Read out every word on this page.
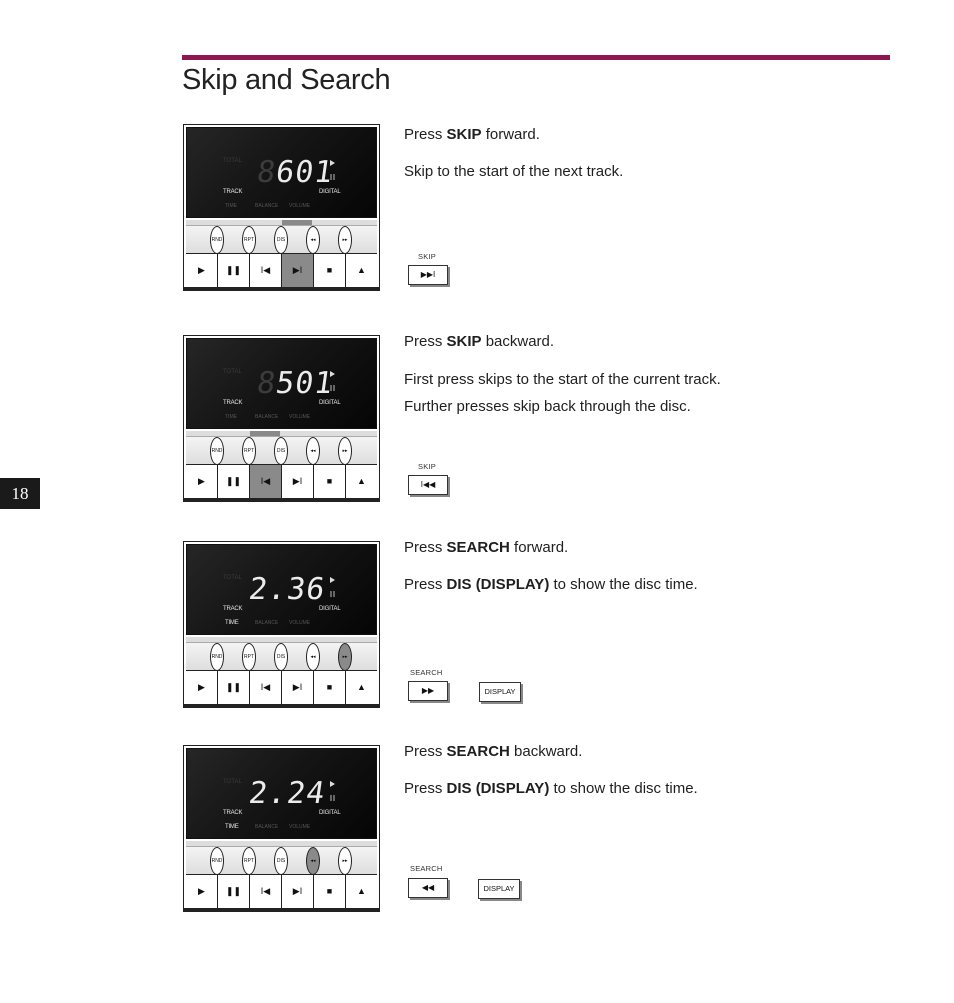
Skip and Search
18
TOTAL
TRACK	DIGITAL
TIME	BALANCE VOLUME
8601
RND	RPT	DIS	◂◂	▸▸
▶	❚❚	I◀	▶I	■	▲

Press SKIP forward.

Skip to the start of the next track.

SKIP
▶▶I
TOTAL
TRACK	DIGITAL
TIME	BALANCE VOLUME
8501
RND	RPT	DIS	◂◂	▸▸
▶	❚❚	I◀	▶I	■	▲

Press SKIP backward.

First press skips to the start of the current track.

Further presses skip back through the disc.

SKIP
I◀◀
TOTAL
TRACK	DIGITAL
TIME	BALANCE VOLUME
2.36
RND	RPT	DIS	◂◂	▸▸
▶	❚❚	I◀	▶I	■	▲

Press SEARCH forward.

Press DIS (DISPLAY) to show the disc time.

SEARCH
▶▶	DISPLAY
TOTAL
TRACK	DIGITAL
TIME	BALANCE VOLUME
2.24
RND	RPT	DIS	◂◂	▸▸
▶	❚❚	I◀	▶I	■	▲

Press SEARCH backward.

Press DIS (DISPLAY) to show the disc time.

SEARCH
◀◀	DISPLAY
